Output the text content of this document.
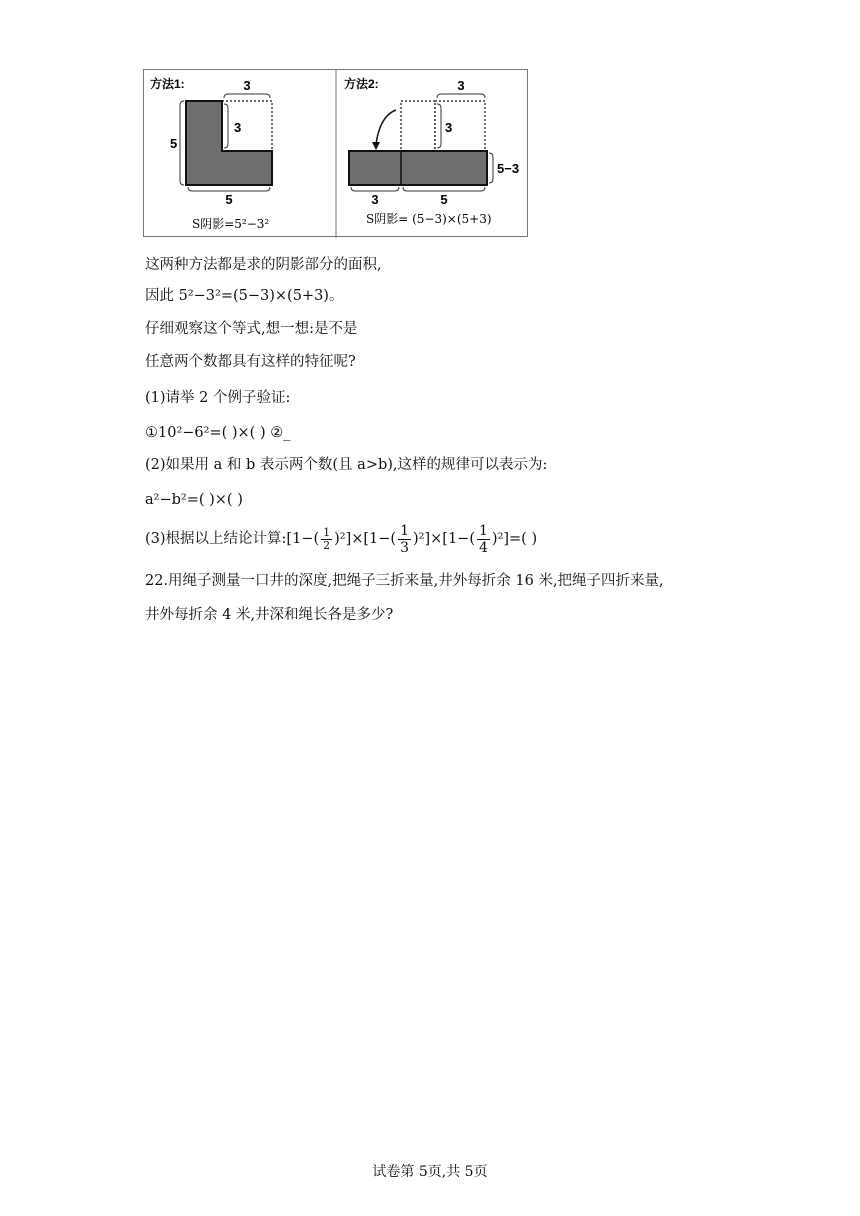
方法1:	3
3
5
5
S阴影=5²−3²
方法2:	3
3
5−3
3	5
S阴影= (5−3)×(5+3)
这两种方法都是求的阴影部分的面积,
因此 5²−3²=(5−3)×(5+3)。
仔细观察这个等式,想一想:是不是
任意两个数都具有这样的特征呢?
(1)请举 2 个例子验证:
①10²−6²=( )×( ) ②_
(2)如果用 a 和 b 表示两个数(且 a>b),这样的规律可以表示为:
a²−b²=( )×( )
(3)根据以上结论计算:[1−( $\frac{1}{2} )^2]\times[1-( \frac{1}{3} )^2]\times[1-( \frac{1}{4} )^2]=$( )
22.用绳子测量一口井的深度,把绳子三折来量,井外每折余 16 米,把绳子四折来量,
井外每折余 4 米,井深和绳长各是多少?
试卷第 5页,共 5页
